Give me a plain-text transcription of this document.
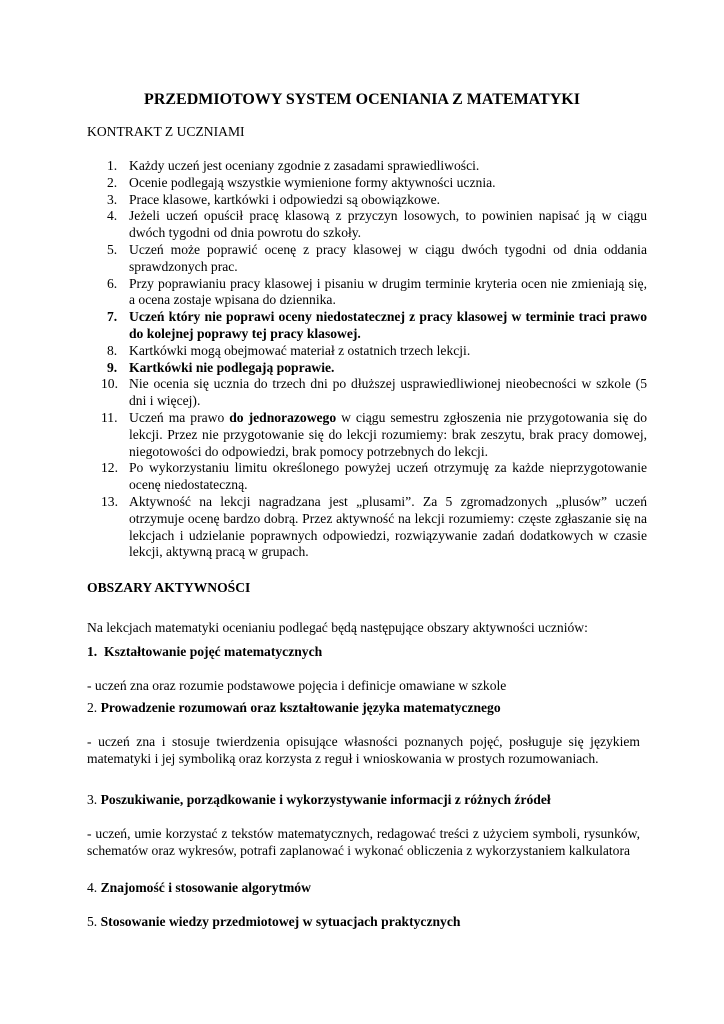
PRZEDMIOTOWY SYSTEM OCENIANIA Z MATEMATYKI
KONTRAKT Z UCZNIAMI
1. Każdy uczeń jest oceniany zgodnie z zasadami sprawiedliwości.
2. Ocenie podlegają wszystkie wymienione formy aktywności ucznia.
3. Prace klasowe, kartkówki i odpowiedzi są obowiązkowe.
4. Jeżeli uczeń opuścił pracę klasową z przyczyn losowych, to powinien napisać ją w ciągu dwóch tygodni od dnia powrotu do szkoły.
5. Uczeń może poprawić ocenę z pracy klasowej w ciągu dwóch tygodni od dnia oddania sprawdzonych prac.
6. Przy poprawianiu pracy klasowej i pisaniu w drugim terminie kryteria ocen nie zmieniają się, a ocena zostaje wpisana do dziennika.
7. Uczeń który nie poprawi oceny niedostatecznej z pracy klasowej w terminie traci prawo do kolejnej poprawy tej pracy klasowej.
8. Kartkówki mogą obejmować materiał z ostatnich trzech lekcji.
9. Kartkówki nie podlegają poprawie.
10. Nie ocenia się ucznia do trzech dni po dłuższej usprawiedliwionej nieobecności w szkole (5 dni i więcej).
11. Uczeń ma prawo do jednorazowego w ciągu semestru zgłoszenia nie przygotowania się do lekcji. Przez nie przygotowanie się do lekcji rozumiemy: brak zeszytu, brak pracy domowej, niegotowości do odpowiedzi, brak pomocy potrzebnych do lekcji.
12. Po wykorzystaniu limitu określonego powyżej uczeń otrzymuję za każde nieprzygotowanie ocenę niedostateczną.
13. Aktywność na lekcji nagradzana jest „plusami”. Za 5 zgromadzonych „plusów” uczeń otrzymuje ocenę bardzo dobrą. Przez aktywność na lekcji rozumiemy: częste zgłaszanie się na lekcjach i udzielanie poprawnych odpowiedzi, rozwiązywanie zadań dodatkowych w czasie lekcji, aktywną pracą w grupach.
OBSZARY AKTYWNOŚCI
Na lekcjach matematyki ocenianiu podlegać będą następujące obszary aktywności uczniów:
1. Kształtowanie pojęć matematycznych
- uczeń zna oraz rozumie podstawowe pojęcia i definicje omawiane w szkole
2. Prowadzenie rozumowań oraz kształtowanie języka matematycznego
- uczeń zna i stosuje twierdzenia opisujące własności poznanych pojęć, posługuje się językiem matematyki i jej symboliką oraz korzysta z reguł i wnioskowania w prostych rozumowaniach.
3. Poszukiwanie, porządkowanie i wykorzystywanie informacji z różnych źródeł
- uczeń, umie korzystać z tekstów matematycznych, redagować treści z użyciem symboli, rysunków, schematów oraz wykresów, potrafi zaplanować i wykonać obliczenia z wykorzystaniem kalkulatora
4. Znajomość i stosowanie algorytmów
5. Stosowanie wiedzy przedmiotowej w sytuacjach praktycznych
